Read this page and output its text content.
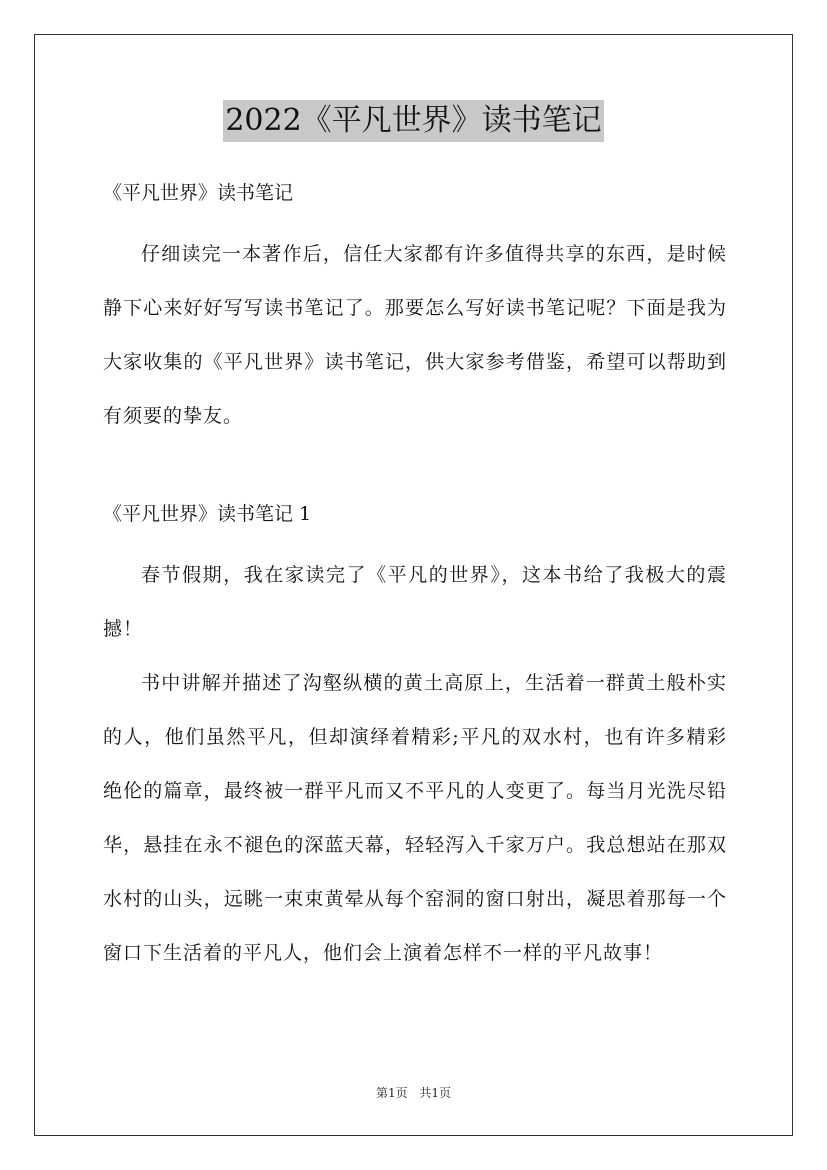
2022《平凡世界》读书笔记

《平凡世界》读书笔记

仔细读完一本著作后，信任大家都有许多值得共享的东西，是时候静下心来好好写写读书笔记了。那要怎么写好读书笔记呢？下面是我为大家收集的《平凡世界》读书笔记，供大家参考借鉴，希望可以帮助到有须要的挚友。

《平凡世界》读书笔记 1

春节假期，我在家读完了《平凡的世界》，这本书给了我极大的震撼！

书中讲解并描述了沟壑纵横的黄土高原上，生活着一群黄土般朴实的人，他们虽然平凡，但却演绎着精彩;平凡的双水村，也有许多精彩绝伦的篇章，最终被一群平凡而又不平凡的人变更了。每当月光洗尽铅华，悬挂在永不褪色的深蓝天幕，轻轻泻入千家万户。我总想站在那双水村的山头，远眺一束束黄晕从每个窑洞的窗口射出，凝思着那每一个窗口下生活着的平凡人，他们会上演着怎样不一样的平凡故事！

第1页 共1页
